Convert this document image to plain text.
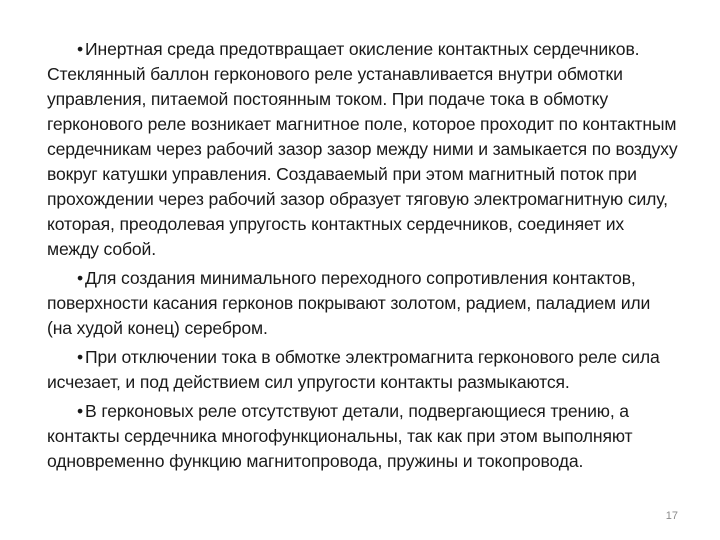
• Инертная среда предотвращает окисление контактных сердечников. Стеклянный баллон герконового реле устанавливается внутри обмотки управления, питаемой постоянным током. При подаче тока в обмотку герконового реле возникает магнитное поле, которое проходит по контактным сердечникам через рабочий зазор зазор между ними и замыкается по воздуху вокруг катушки управления. Создаваемый при этом магнитный поток при прохождении через рабочий зазор образует тяговую электромагнитную силу, которая, преодолевая упругость контактных сердечников, соединяет их между собой.

• Для создания минимального переходного сопротивления контактов, поверхности касания герконов покрывают золотом, радием, паладием или (на худой конец) серебром.

• При отключении тока в обмотке электромагнита герконового реле сила исчезает, и под действием сил упругости контакты размыкаются.

• В герконовых реле отсутствуют детали, подвергающиеся трению, а контакты сердечника многофункциональны, так как при этом выполняют одновременно функцию магнитопровода, пружины и токопровода.

17
